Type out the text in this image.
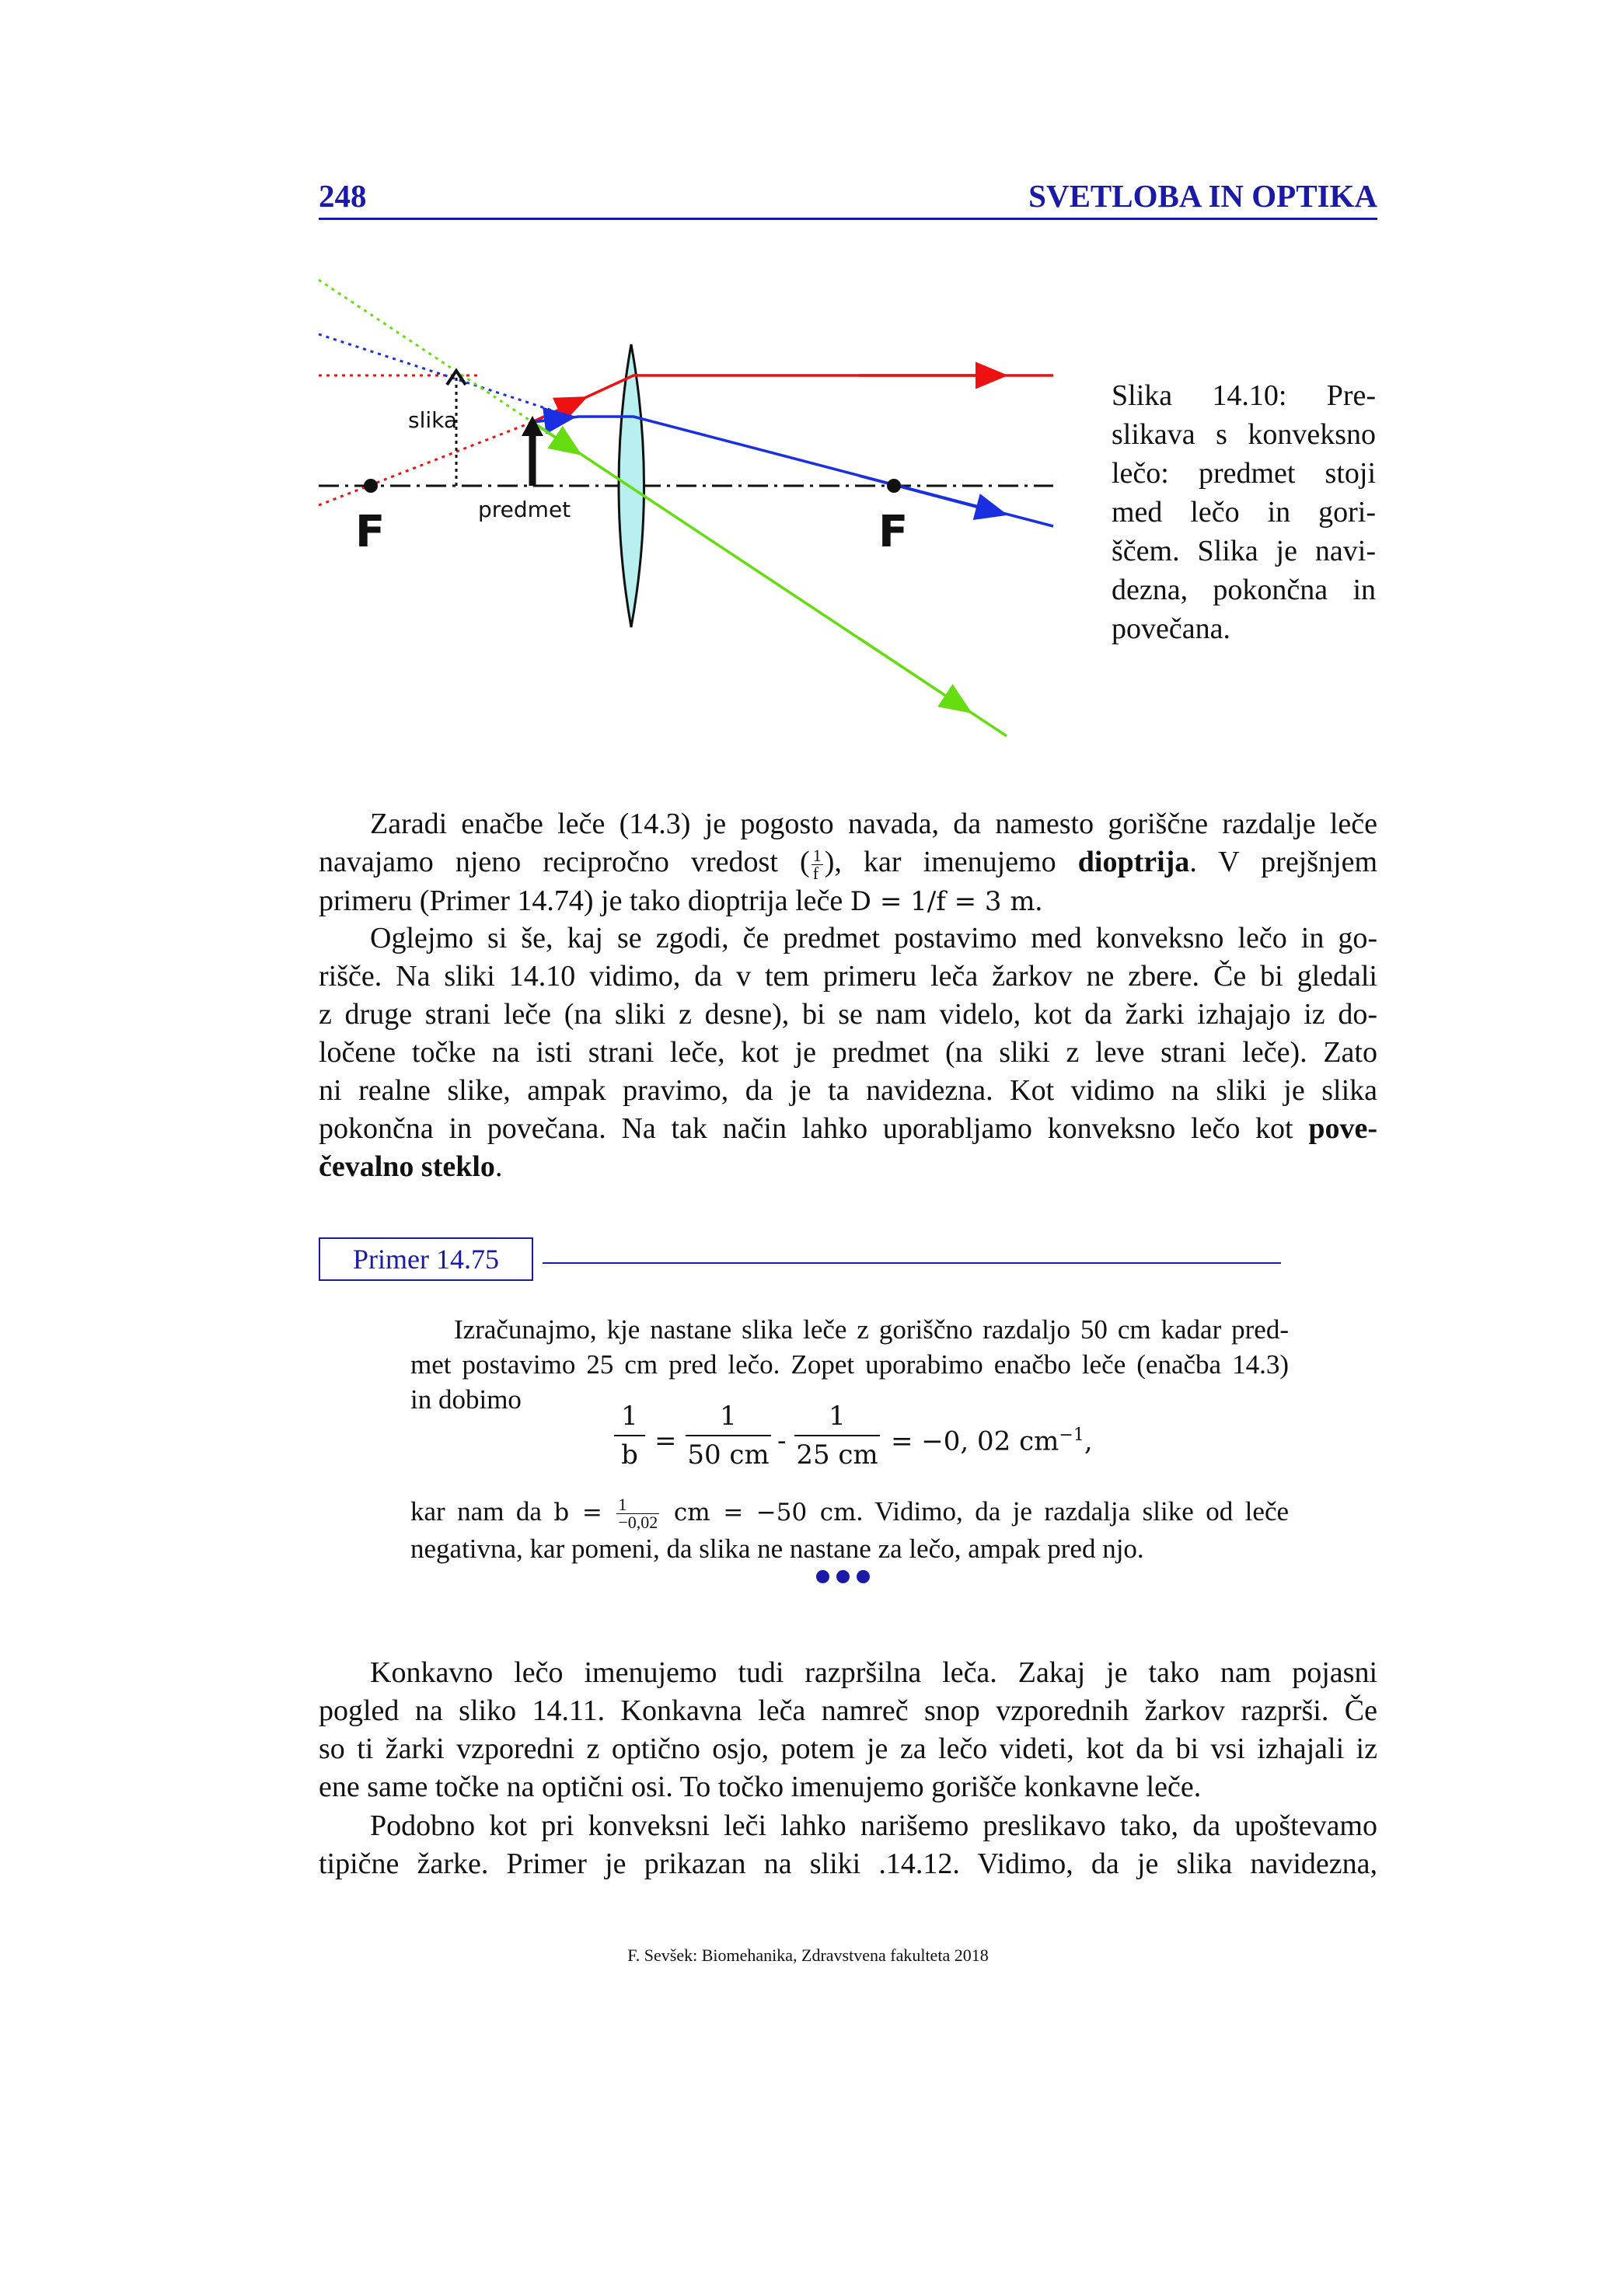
248	SVETLOBA IN OPTIKA
slika
predmet
F	F
Slika 14.10: Pre-
slikava s konveksno
lečo: predmet stoji
med lečo in gori-
ščem. Slika je navi-
dezna, pokončna in
povečana.
Zaradi enačbe leče (14.3) je pogosto navada, da namesto goriščne razdalje leče
navajamo njeno recipročno vredost ( $\frac{1}{f}$ ), kar imenujemo dioptrija. V prejšnjem
primeru (Primer 14.74) je tako dioptrija leče D = 1/f = 3 m.
Oglejmo si še, kaj se zgodi, če predmet postavimo med konveksno lečo in go-
rišče. Na sliki 14.10 vidimo, da v tem primeru leča žarkov ne zbere. Če bi gledali
z druge strani leče (na sliki z desne), bi se nam videlo, kot da žarki izhajajo iz do-
ločene točke na isti strani leče, kot je predmet (na sliki z leve strani leče). Zato
ni realne slike, ampak pravimo, da je ta navidezna. Kot vidimo na sliki je slika
pokončna in povečana. Na tak način lahko uporabljamo konveksno lečo kot pove-
čevalno steklo.
Primer 14.75
Izračunajmo, kje nastane slika leče z goriščno razdaljo 50 cm kadar pred-
met postavimo 25 cm pred lečo. Zopet uporabimo enačbo leče (enačba 14.3)
in dobimo
1
b =
1
50 cm -
1
25 cm = −0, 02 $cm^{-1}$,
kar nam da $b = \frac{1}{-0,02}$ cm = −50 cm. Vidimo, da je razdalja slike od leče
negativna, kar pomeni, da slika ne nastane za lečo, ampak pred njo.
Konkavno lečo imenujemo tudi razpršilna leča. Zakaj je tako nam pojasni
pogled na sliko 14.11. Konkavna leča namreč snop vzporednih žarkov razprši. Če
so ti žarki vzporedni z optično osjo, potem je za lečo videti, kot da bi vsi izhajali iz
ene same točke na optični osi. To točko imenujemo gorišče konkavne leče.
Podobno kot pri konveksni leči lahko narišemo preslikavo tako, da upoštevamo
tipične žarke. Primer je prikazan na sliki .14.12. Vidimo, da je slika navidezna,
F. Sevšek: Biomehanika, Zdravstvena fakulteta 2018
